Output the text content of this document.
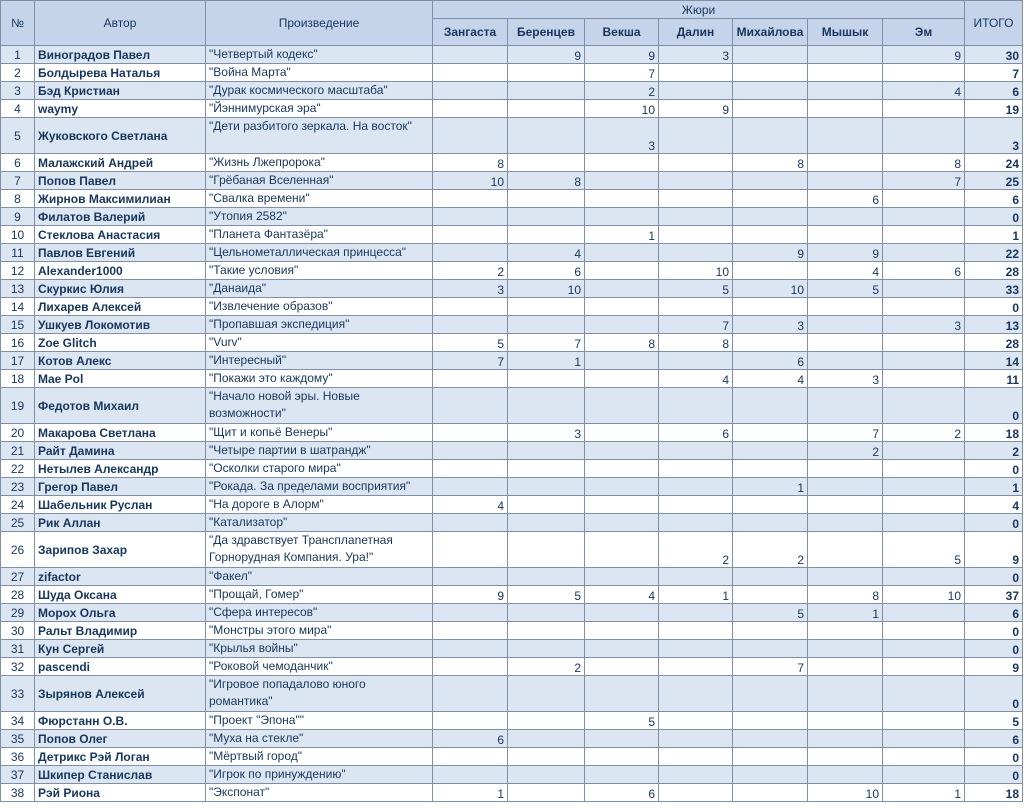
№	Автор	Произведение	Жюри							ИТОГО
			Зангаста	Беренцев	Векша	Далин	Михайлова	Мышык	Эм	
1	Виноградов Павел	"Четвертый кодекс"		9	9	3			9	30
2	Болдырева Наталья	"Война Марта"			7					7
3	Бэд Кристиан	"Дурак космического масштаба"			2				4	6
4	waymy	"Йэннимурская эра"			10	9				19
5	Жуковского Светлана	"Дети разбитого зеркала. На восток"			3					3
6	Малажский Андрей	"Жизнь Лжепророка"	8				8		8	24
7	Попов Павел	"Грёбаная Вселенная"	10	8					7	25
8	Жирнов Максимилиан	"Свалка времени"						6		6
9	Филатов Валерий	"Утопия 2582"								0
10	Стеклова Анастасия	"Планета Фантазёра"			1					1
11	Павлов Евгений	"Цельнометаллическая принцесса"		4			9	9		22
12	Alexander1000	"Такие условия"	2	6		10		4	6	28
13	Скуркис Юлия	"Данаида"	3	10		5	10	5		33
14	Лихарев Алексей	"Извлечение образов"								0
15	Ушкуев Локомотив	"Пропавшая экспедиция"				7	3		3	13
16	Zoe Glitch	"Vurv"	5	7	8	8				28
17	Котов Алекс	"Интересный"	7	1			6			14
18	Mae Pol	"Покажи это каждому"				4	4	3		11
19	Федотов Михаил	"Начало новой эры. Новые возможности"								0
20	Макарова Светлана	"Щит и копьё Венеры"		3		6		7	2	18
21	Райт Дамина	"Четыре партии в шатрандж"						2		2
22	Нетылев Александр	"Осколки старого мира"								0
23	Грегор Павел	"Рокада. За пределами восприятия"					1			1
24	Шабельник Руслан	"На дороге в Алорм"	4							4
25	Рик Аллан	"Катализатор"								0
26	Зарипов Захар	"Да здравствует Трансплanетная Горнорудная Компания. Ура!"				2	2		5	9
27	zifactor	"Факел"								0
28	Шуда Оксана	"Прощай, Гомер"	9	5	4	1		8	10	37
29	Морох Ольга	"Сфера интересов"					5	1		6
30	Ральт Владимир	"Монстры этого мира"								0
31	Кун Сергей	"Крылья войны"								0
32	pascendi	"Роковой чемоданчик"		2			7			9
33	Зырянов Алексей	"Игровое попадалово юного романтика"								0
34	Фюрстанн О.В.	"Проект "Эпона""			5					5
35	Попов Олег	"Муха на стекле"	6							6
36	Детрикс Рэй Логан	"Мёртвый город"								0
37	Шкипер Станислав	"Игрок по принуждению"								0
38	Рэй Риона	"Экспонат"	1		6			10	1	18
